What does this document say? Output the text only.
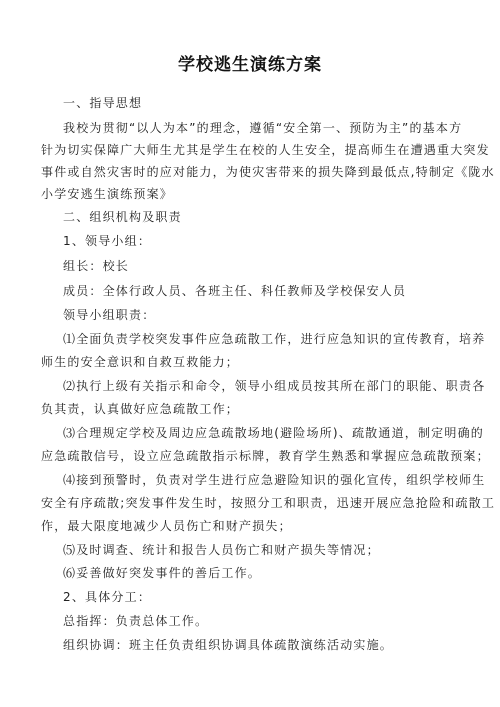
学校逃生演练方案
一、指导思想
我校为贯彻“以人为本”的理念，遵循“安全第一、预防为主”的基本方
针为切实保障广大师生尤其是学生在校的人生安全，提高师生在遭遇重大突发
事件或自然灾害时的应对能力，为使灾害带来的损失降到最低点,特制定《陇水
小学安逃生演练预案》
二、组织机构及职责
1、领导小组：
组长：校长
成员：全体行政人员、各班主任、科任教师及学校保安人员
领导小组职责：
⑴全面负责学校突发事件应急疏散工作，进行应急知识的宣传教育，培养
师生的安全意识和自救互救能力；
⑵执行上级有关指示和命令，领导小组成员按其所在部门的职能、职责各
负其责，认真做好应急疏散工作；
⑶合理规定学校及周边应急疏散场地(避险场所)、疏散通道，制定明确的
应急疏散信号，设立应急疏散指示标牌，教育学生熟悉和掌握应急疏散预案；
⑷接到预警时，负责对学生进行应急避险知识的强化宣传，组织学校师生
安全有序疏散;突发事件发生时，按照分工和职责，迅速开展应急抢险和疏散工
作，最大限度地减少人员伤亡和财产损失；
⑸及时调查、统计和报告人员伤亡和财产损失等情况；
⑹妥善做好突发事件的善后工作。
2、具体分工：
总指挥：负责总体工作。
组织协调：班主任负责组织协调具体疏散演练活动实施。
